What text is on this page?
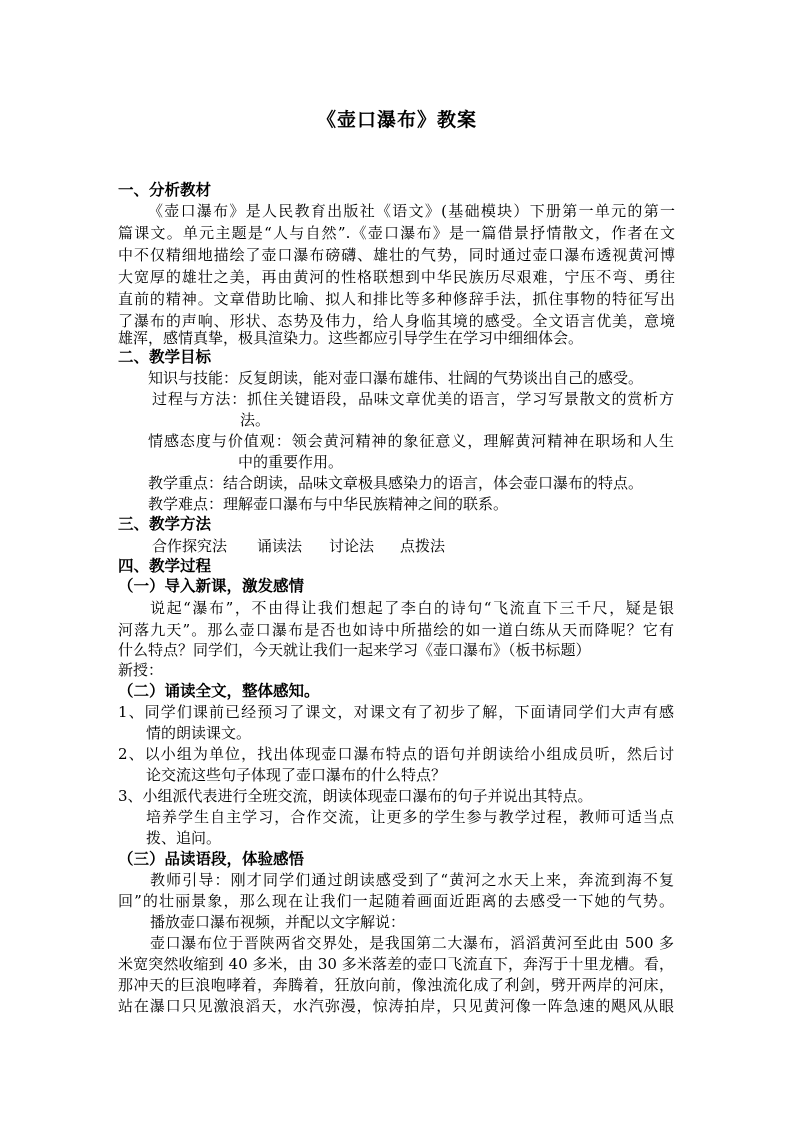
《壶口瀑布》教案
一、分析教材
《壶口瀑布》是人民教育出版社《语文》(基础模块）下册第一单元的第一
篇课文。单元主题是“人与自然”.《壶口瀑布》是一篇借景抒情散文，作者在文
中不仅精细地描绘了壶口瀑布磅礴、雄壮的气势，同时通过壶口瀑布透视黄河博
大宽厚的雄壮之美，再由黄河的性格联想到中华民族历尽艰难，宁压不弯、勇往
直前的精神。文章借助比喻、拟人和排比等多种修辞手法，抓住事物的特征写出
了瀑布的声响、形状、态势及伟力，给人身临其境的感受。全文语言优美，意境
雄浑，感情真挚，极具渲染力。这些都应引导学生在学习中细细体会。
二、教学目标
知识与技能：反复朗读，能对壶口瀑布雄伟、壮阔的气势谈出自己的感受。
过程与方法：抓住关键语段，品味文章优美的语言，学习写景散文的赏析方
法。
情感态度与价值观：领会黄河精神的象征意义，理解黄河精神在职场和人生
中的重要作用。
教学重点：结合朗读，品味文章极具感染力的语言，体会壶口瀑布的特点。
教学难点：理解壶口瀑布与中华民族精神之间的联系。
三、教学方法
合作探究法 诵读法 讨论法 点拨法
四、教学过程
（一）导入新课，激发感情
说起“瀑布”，不由得让我们想起了李白的诗句“飞流直下三千尺，疑是银
河落九天”。那么壶口瀑布是否也如诗中所描绘的如一道白练从天而降呢？它有
什么特点？同学们，今天就让我们一起来学习《壶口瀑布》（板书标题）
新授：
（二）诵读全文，整体感知。
1、同学们课前已经预习了课文，对课文有了初步了解，下面请同学们大声有感
情的朗读课文。
2、以小组为单位，找出体现壶口瀑布特点的语句并朗读给小组成员听，然后讨
论交流这些句子体现了壶口瀑布的什么特点？
3、小组派代表进行全班交流，朗读体现壶口瀑布的句子并说出其特点。
培养学生自主学习，合作交流，让更多的学生参与教学过程，教师可适当点
拨、追问。
（三）品读语段，体验感悟
教师引导：刚才同学们通过朗读感受到了“黄河之水天上来，奔流到海不复
回”的壮丽景象，那么现在让我们一起随着画面近距离的去感受一下她的气势。
播放壶口瀑布视频，并配以文字解说：
壶口瀑布位于晋陕两省交界处，是我国第二大瀑布，滔滔黄河至此由 500 多
米宽突然收缩到 40 多米，由 30 多米落差的壶口飞流直下，奔泻于十里龙槽。看，
那冲天的巨浪咆哮着，奔腾着，狂放向前，像浊流化成了利剑，劈开两岸的河床，
站在瀑口只见激浪滔天，水汽弥漫，惊涛拍岸，只见黄河像一阵急速的飓风从眼
